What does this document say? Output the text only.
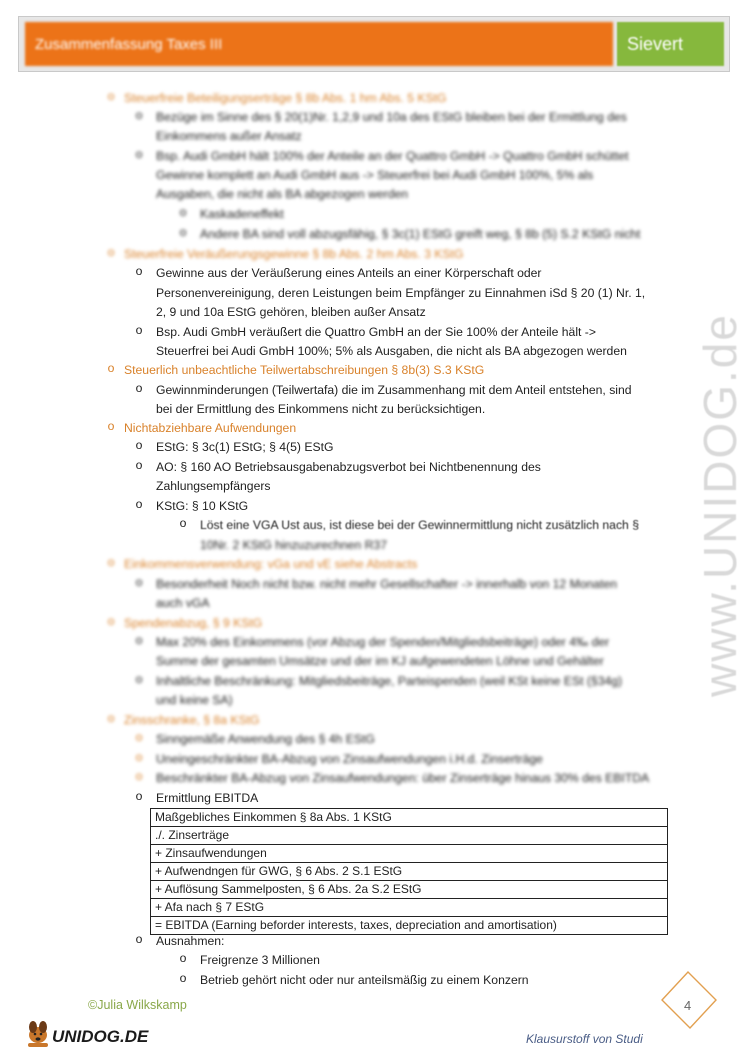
Zusammenfassung Taxes III	Sievert
www.UNIDOG.de
o Steuerfreie Beteiligungserträge § 8b Abs. 1 hm Abs. 5 KStG
o Bezüge im Sinne des § 20(1)Nr. 1,2,9 und 10a des EStG bleiben bei der Ermittlung des
Einkommens außer Ansatz
o Bsp. Audi GmbH hält 100% der Anteile an der Quattro GmbH -> Quattro GmbH schüttet
Gewinne komplett an Audi GmbH aus -> Steuerfrei bei Audi GmbH 100%, 5% als
Ausgaben, die nicht als BA abgezogen werden
o Kaskadeneffekt
o Andere BA sind voll abzugsfähig, § 3c(1) EStG greift weg, § 8b (5) S.2 KStG nicht
o Steuerfreie Veräußerungsgewinne § 8b Abs. 2 hm Abs. 3 KStG
o Gewinne aus der Veräußerung eines Anteils an einer Körperschaft oder
Personenvereinigung, deren Leistungen beim Empfänger zu Einnahmen iSd § 20 (1) Nr. 1,
2, 9 und 10a EStG gehören, bleiben außer Ansatz
o Bsp. Audi GmbH veräußert die Quattro GmbH an der Sie 100% der Anteile hält ->
Steuerfrei bei Audi GmbH 100%; 5% als Ausgaben, die nicht als BA abgezogen werden
o Steuerlich unbeachtliche Teilwertabschreibungen § 8b(3) S.3 KStG
o Gewinnminderungen (Teilwertafa) die im Zusammenhang mit dem Anteil entstehen, sind
bei der Ermittlung des Einkommens nicht zu berücksichtigen.
o Nichtabziehbare Aufwendungen
o EStG: § 3c(1) EStG; § 4(5) EStG
o AO: § 160 AO Betriebsausgabenabzugsverbot bei Nichtbenennung des
Zahlungsempfängers
o KStG: § 10 KStG
o Löst eine VGA Ust aus, ist diese bei der Gewinnermittlung nicht zusätzlich nach §
10Nr. 2 KStG hinzuzurechnen R37
o Einkommensverwendung: vGa und vE siehe Abstracts
o Besonderheit Noch nicht bzw. nicht mehr Gesellschafter -> innerhalb von 12 Monaten
auch vGA
o Spendenabzug, § 9 KStG
o Max 20% des Einkommens (vor Abzug der Spenden/Mitgliedsbeiträge) oder 4‰ der
Summe der gesamten Umsätze und der im KJ aufgewendeten Löhne und Gehälter
o Inhaltliche Beschränkung: Mitgliedsbeiträge, Parteispenden (weil KSt keine ESt (§34g)
und keine SA)
o Zinsschranke, § 8a KStG
o Sinngemäße Anwendung des § 4h EStG
o Uneingeschränkter BA-Abzug von Zinsaufwendungen i.H.d. Zinserträge
o Beschränkter BA-Abzug von Zinsaufwendungen: über Zinserträge hinaus 30% des EBITDA
o Ermittlung EBITDA
Maßgebliches Einkommen § 8a Abs. 1 KStG
./. Zinserträge
+ Zinsaufwendungen
+ Aufwendngen für GWG, § 6 Abs. 2 S.1 EStG
+ Auflösung Sammelposten, § 6 Abs. 2a S.2 EStG
+ Afa nach § 7 EStG
= EBITDA (Earning beforder interests, taxes, depreciation and amortisation)
o Ausnahmen:
o Freigrenze 3 Millionen
o Betrieb gehört nicht oder nur anteilsmäßig zu einem Konzern
©Julia Wilkskamp
UNIDOG.DE
4
Klausurstoff von Studi
